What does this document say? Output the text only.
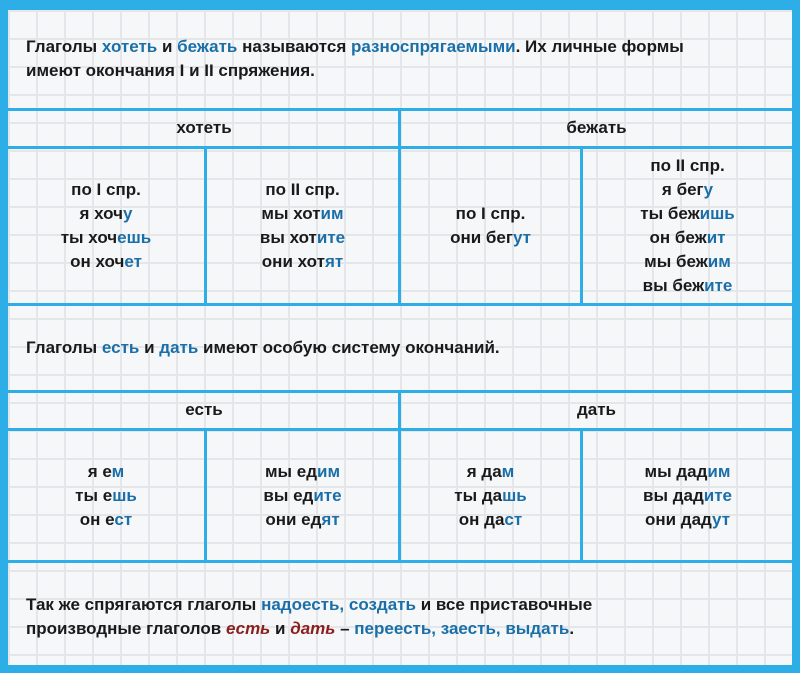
Глаголы хотеть и бежать называются разноспрягаемыми. Их личные формы
имеют окончания I и II спряжения.
хотеть	бежать
по I спр.
я хочу
ты хочешь
он хочет
по II спр.
мы хотим
вы хотите
они хотят
по I спр.
они бегут
по II спр.
я бегу
ты бежишь
он бежит
мы бежим
вы бежите
Глаголы есть и дать имеют особую систему окончаний.
есть	дать
я ем
ты ешь
он ест
мы едим
вы едите
они едят
я дам
ты дашь
он даст
мы дадим
вы дадите
они дадут
Так же спрягаются глаголы надоесть, создать и все приставочные
производные глаголов есть и дать – переесть, заесть, выдать.
